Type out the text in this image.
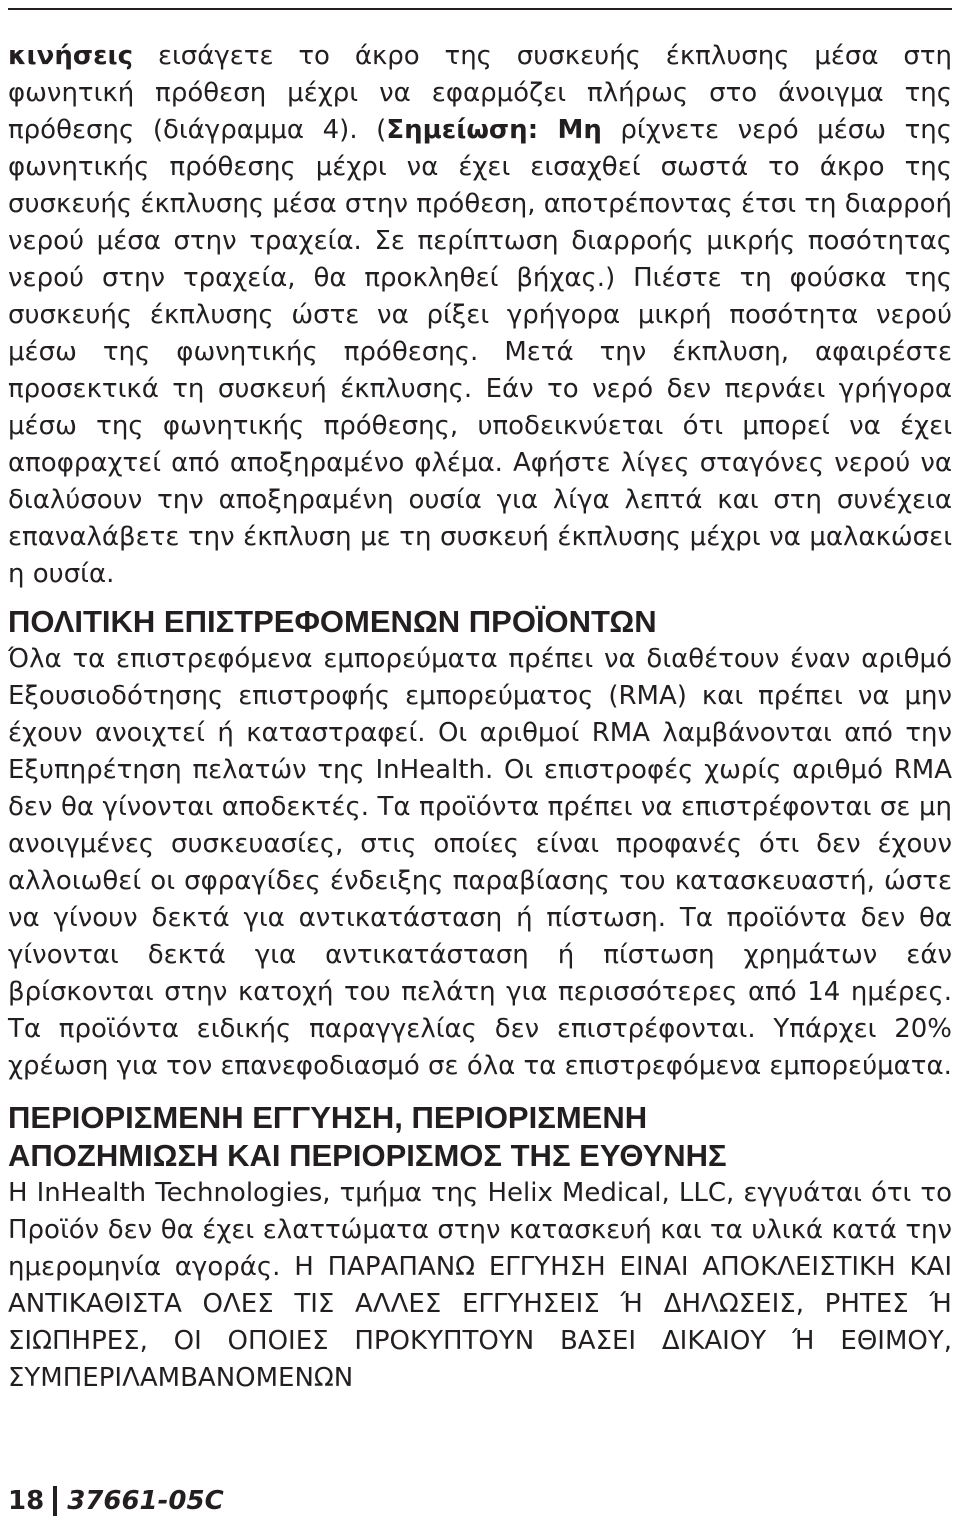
κινήσεις εισάγετε το άκρο της συσκευής έκπλυσης μέσα στη φωνητική πρόθεση μέχρι να εφαρμόζει πλήρως στο άνοιγμα της πρόθεσης (διάγραμμα 4). (Σημείωση: Μη ρίχνετε νερό μέσω της φωνητικής πρόθεσης μέχρι να έχει εισαχθεί σωστά το άκρο της συσκευής έκπλυσης μέσα στην πρόθεση, αποτρέποντας έτσι τη διαρροή νερού μέσα στην τραχεία. Σε περίπτωση διαρροής μικρής ποσότητας νερού στην τραχεία, θα προκληθεί βήχας.) Πιέστε τη φούσκα της συσκευής έκπλυσης ώστε να ρίξει γρήγορα μικρή ποσότητα νερού μέσω της φωνητικής πρόθεσης. Μετά την έκπλυση, αφαιρέστε προσεκτικά τη συσκευή έκπλυσης. Εάν το νερό δεν περνάει γρήγορα μέσω της φωνητικής πρόθεσης, υποδεικνύεται ότι μπορεί να έχει αποφραχτεί από αποξηραμένο φλέμα. Αφήστε λίγες σταγόνες νερού να διαλύσουν την αποξηραμένη ουσία για λίγα λεπτά και στη συνέχεια επαναλάβετε την έκπλυση με τη συσκευή έκπλυσης μέχρι να μαλακώσει η ουσία.

ΠΟΛΙΤΙΚΗ ΕΠΙΣΤΡΕΦΟΜΕΝΩΝ ΠΡΟΪΟΝΤΩΝ

Όλα τα επιστρεφόμενα εμπορεύματα πρέπει να διαθέτουν έναν αριθμό Εξουσιοδότησης επιστροφής εμπορεύματος (RMA) και πρέπει να μην έχουν ανοιχτεί ή καταστραφεί. Οι αριθμοί RMA λαμβάνονται από την Εξυπηρέτηση πελατών της InHealth. Οι επιστροφές χωρίς αριθμό RMA δεν θα γίνονται αποδεκτές. Τα προϊόντα πρέπει να επιστρέφονται σε μη ανοιγμένες συσκευασίες, στις οποίες είναι προφανές ότι δεν έχουν αλλοιωθεί οι σφραγίδες ένδειξης παραβίασης του κατασκευαστή, ώστε να γίνουν δεκτά για αντικατάσταση ή πίστωση. Τα προϊόντα δεν θα γίνονται δεκτά για αντικατάσταση ή πίστωση χρημάτων εάν βρίσκονται στην κατοχή του πελάτη για περισσότερες από 14 ημέρες. Τα προϊόντα ειδικής παραγγελίας δεν επιστρέφονται. Υπάρχει 20% χρέωση για τον επανεφοδιασμό σε όλα τα επιστρεφόμενα εμπορεύματα.

ΠΕΡΙΟΡΙΣΜΕΝΗ ΕΓΓΥΗΣΗ, ΠΕΡΙΟΡΙΣΜΕΝΗ
ΑΠΟΖΗΜΙΩΣΗ ΚΑΙ ΠΕΡΙΟΡΙΣΜΟΣ ΤΗΣ ΕΥΘΥΝΗΣ

Η InHealth Technologies, τμήμα της Helix Medical, LLC, εγγυάται ότι το Προϊόν δεν θα έχει ελαττώματα στην κατασκευή και τα υλικά κατά την ημερομηνία αγοράς. Η ΠΑΡΑΠΑΝΩ ΕΓΓΥΗΣΗ ΕΙΝΑΙ ΑΠΟΚΛΕΙΣΤΙΚΗ ΚΑΙ ΑΝΤΙΚΑΘΙΣΤΑ ΟΛΕΣ ΤΙΣ ΑΛΛΕΣ ΕΓΓΥΗΣΕΙΣ Ή ΔΗΛΩΣΕΙΣ, ΡΗΤΕΣ Ή ΣΙΩΠΗΡΕΣ, ΟΙ ΟΠΟΙΕΣ ΠΡΟΚΥΠΤΟΥΝ ΒΑΣΕΙ ΔΙΚΑΙΟΥ Ή ΕΘΙΜΟΥ, ΣΥΜΠΕΡΙΛΑΜΒΑΝΟΜΕΝΩΝ

18 37661-05C
